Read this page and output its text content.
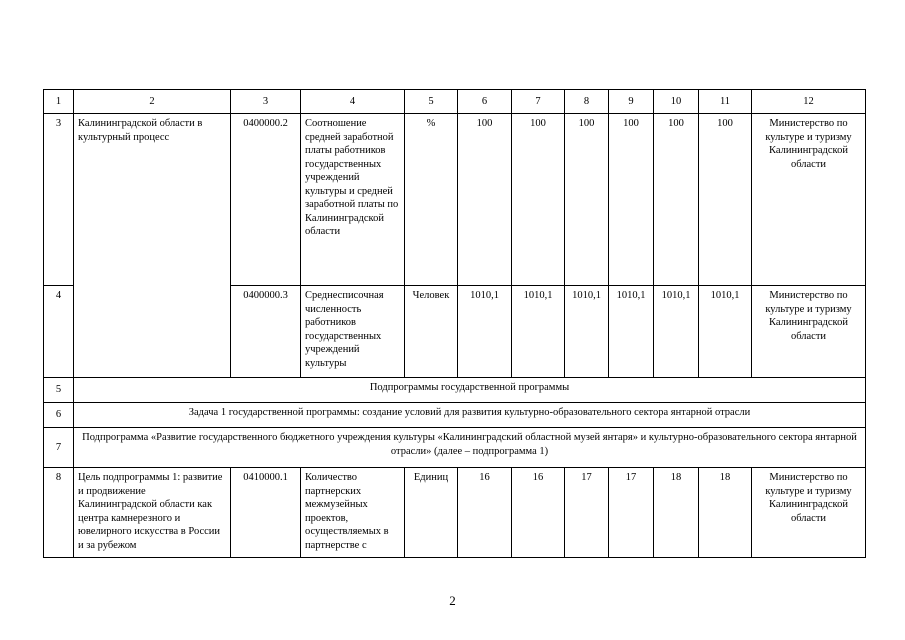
1	2	3	4	5	6	7	8	9	10	11	12
3	Калининградской области в культурный процесс	0400000.2	Соотношение средней заработной платы работников государственных учреждений культуры и средней заработной платы по Калининградской области	%	100	100	100	100	100	100	Министерство по культуре и туризму Калининградской области
4		0400000.3	Среднесписочная численность работников государственных учреждений культуры	Человек	1010,1	1010,1	1010,1	1010,1	1010,1	1010,1	Министерство по культуре и туризму Калининградской области
5	Подпрограммы государственной программы										
6	Задача 1 государственной программы: создание условий для развития культурно-образовательного сектора янтарной отрасли										
7	Подпрограмма «Развитие государственного бюджетного учреждения культуры «Калининградский областной музей янтаря» и культурно-образовательного сектора янтарной отрасли» (далее – подпрограмма 1)										
8	Цель подпрограммы 1: развитие и продвижение Калининградской области как центра камнерезного и ювелирного искусства в России и за рубежом	0410000.1	Количество партнерских межмузейных проектов, осуществляемых в партнерстве с	Единиц	16	16	17	17	18	18	Министерство по культуре и туризму Калининградской области
2
